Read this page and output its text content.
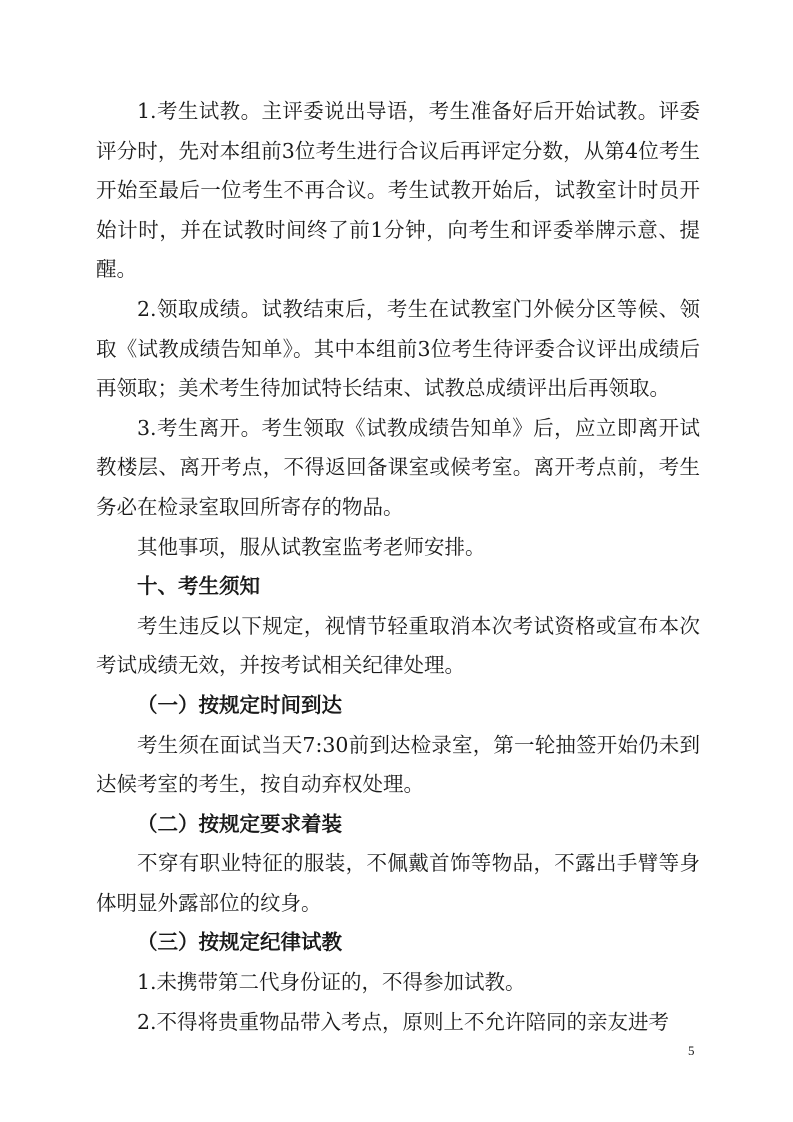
1.考生试教。主评委说出导语，考生准备好后开始试教。评委评分时，先对本组前3位考生进行合议后再评定分数，从第4位考生开始至最后一位考生不再合议。考生试教开始后，试教室计时员开始计时，并在试教时间终了前1分钟，向考生和评委举牌示意、提醒。

2.领取成绩。试教结束后，考生在试教室门外候分区等候、领取《试教成绩告知单》。其中本组前3位考生待评委合议评出成绩后再领取；美术考生待加试特长结束、试教总成绩评出后再领取。

3.考生离开。考生领取《试教成绩告知单》后，应立即离开试教楼层、离开考点，不得返回备课室或候考室。离开考点前，考生务必在检录室取回所寄存的物品。

其他事项，服从试教室监考老师安排。

十、考生须知

考生违反以下规定，视情节轻重取消本次考试资格或宣布本次考试成绩无效，并按考试相关纪律处理。

（一）按规定时间到达

考生须在面试当天7:30前到达检录室，第一轮抽签开始仍未到达候考室的考生，按自动弃权处理。

（二）按规定要求着装

不穿有职业特征的服装，不佩戴首饰等物品，不露出手臂等身体明显外露部位的纹身。

（三）按规定纪律试教

1.未携带第二代身份证的，不得参加试教。

2.不得将贵重物品带入考点，原则上不允许陪同的亲友进考

5
